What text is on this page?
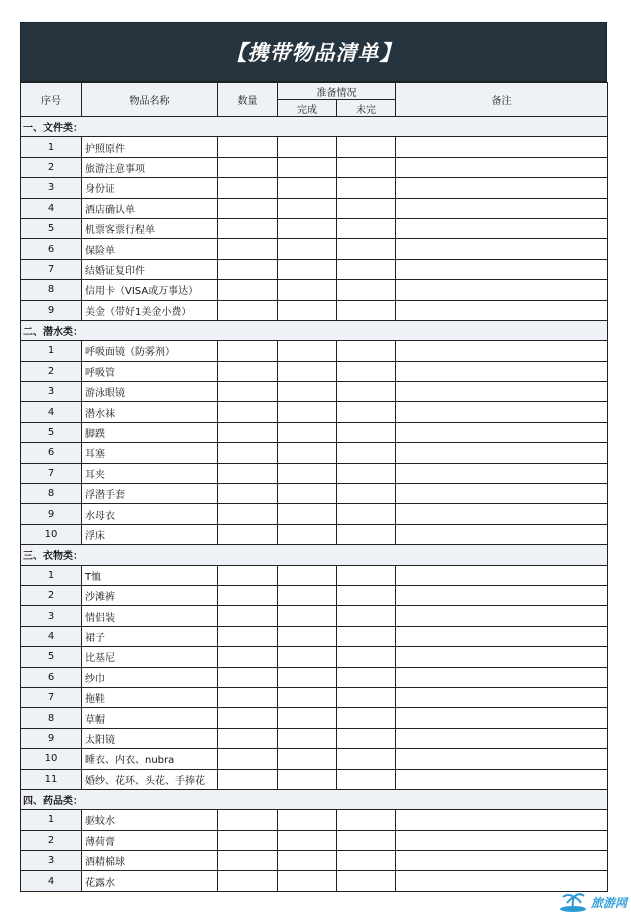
【携带物品清单】
序号	物品名称	数量	准备情况		备注
			完成	未完	
一、文件类：					
1	护照原件				
2	旅游注意事项				
3	身份证				
4	酒店确认单				
5	机票客票行程单				
6	保险单				
7	结婚证复印件				
8	信用卡（VISA或万事达）				
9	美金（带好1美金小费）				
二、潜水类：					
1	呼吸面镜（防雾剂）				
2	呼吸管				
3	游泳眼镜				
4	潜水袜				
5	脚蹼				
6	耳塞				
7	耳夹				
8	浮潜手套				
9	水母衣				
10	浮床				
三、衣物类：					
1	T恤				
2	沙滩裤				
3	情侣装				
4	裙子				
5	比基尼				
6	纱巾				
7	拖鞋				
8	草帽				
9	太阳镜				
10	睡衣、内衣、nubra				
11	婚纱、花环、头花、手捧花				
四、药品类：					
1	驱蚊水				
2	薄荷膏				
3	酒精棉球				
4	花露水				
旅游网
